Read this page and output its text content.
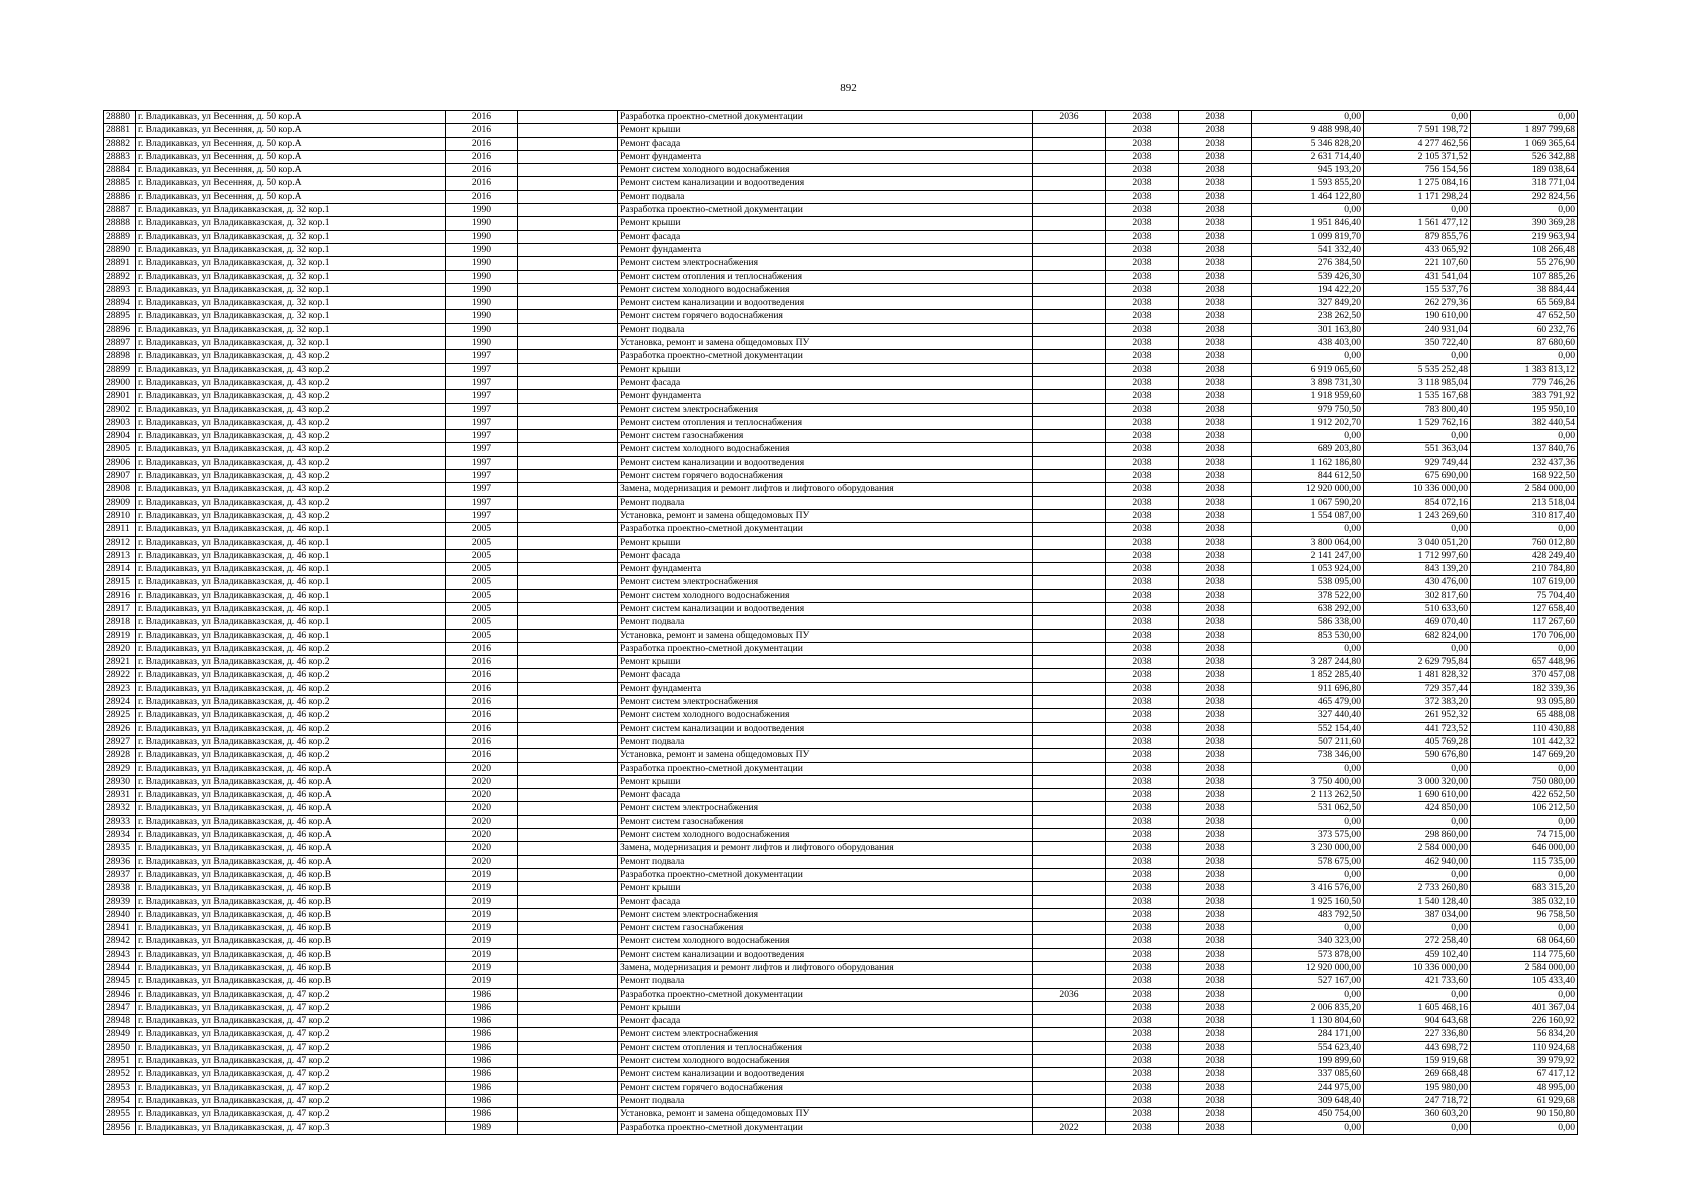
892
28880	г. Владикавказ, ул Весенняя, д. 50 кор.А	2016		Разработка проектно-сметной документации	2036	2038	2038	0,00	0,00	0,00
28881	г. Владикавказ, ул Весенняя, д. 50 кор.А	2016		Ремонт крыши		2038	2038	9 488 998,40	7 591 198,72	1 897 799,68
28882	г. Владикавказ, ул Весенняя, д. 50 кор.А	2016		Ремонт фасада		2038	2038	5 346 828,20	4 277 462,56	1 069 365,64
28883	г. Владикавказ, ул Весенняя, д. 50 кор.А	2016		Ремонт фундамента		2038	2038	2 631 714,40	2 105 371,52	526 342,88
28884	г. Владикавказ, ул Весенняя, д. 50 кор.А	2016		Ремонт систем холодного водоснабжения		2038	2038	945 193,20	756 154,56	189 038,64
28885	г. Владикавказ, ул Весенняя, д. 50 кор.А	2016		Ремонт систем канализации и водоотведения		2038	2038	1 593 855,20	1 275 084,16	318 771,04
28886	г. Владикавказ, ул Весенняя, д. 50 кор.А	2016		Ремонт подвала		2038	2038	1 464 122,80	1 171 298,24	292 824,56
28887	г. Владикавказ, ул Владикавказская, д. 32 кор.1	1990		Разработка проектно-сметной документации		2038	2038	0,00	0,00	0,00
28888	г. Владикавказ, ул Владикавказская, д. 32 кор.1	1990		Ремонт крыши		2038	2038	1 951 846,40	1 561 477,12	390 369,28
28889	г. Владикавказ, ул Владикавказская, д. 32 кор.1	1990		Ремонт фасада		2038	2038	1 099 819,70	879 855,76	219 963,94
28890	г. Владикавказ, ул Владикавказская, д. 32 кор.1	1990		Ремонт фундамента		2038	2038	541 332,40	433 065,92	108 266,48
28891	г. Владикавказ, ул Владикавказская, д. 32 кор.1	1990		Ремонт систем электроснабжения		2038	2038	276 384,50	221 107,60	55 276,90
28892	г. Владикавказ, ул Владикавказская, д. 32 кор.1	1990		Ремонт систем отопления и теплоснабжения		2038	2038	539 426,30	431 541,04	107 885,26
28893	г. Владикавказ, ул Владикавказская, д. 32 кор.1	1990		Ремонт систем холодного водоснабжения		2038	2038	194 422,20	155 537,76	38 884,44
28894	г. Владикавказ, ул Владикавказская, д. 32 кор.1	1990		Ремонт систем канализации и водоотведения		2038	2038	327 849,20	262 279,36	65 569,84
28895	г. Владикавказ, ул Владикавказская, д. 32 кор.1	1990		Ремонт систем горячего водоснабжения		2038	2038	238 262,50	190 610,00	47 652,50
28896	г. Владикавказ, ул Владикавказская, д. 32 кор.1	1990		Ремонт подвала		2038	2038	301 163,80	240 931,04	60 232,76
28897	г. Владикавказ, ул Владикавказская, д. 32 кор.1	1990		Установка, ремонт и замена общедомовых ПУ		2038	2038	438 403,00	350 722,40	87 680,60
28898	г. Владикавказ, ул Владикавказская, д. 43 кор.2	1997		Разработка проектно-сметной документации		2038	2038	0,00	0,00	0,00
28899	г. Владикавказ, ул Владикавказская, д. 43 кор.2	1997		Ремонт крыши		2038	2038	6 919 065,60	5 535 252,48	1 383 813,12
28900	г. Владикавказ, ул Владикавказская, д. 43 кор.2	1997		Ремонт фасада		2038	2038	3 898 731,30	3 118 985,04	779 746,26
28901	г. Владикавказ, ул Владикавказская, д. 43 кор.2	1997		Ремонт фундамента		2038	2038	1 918 959,60	1 535 167,68	383 791,92
28902	г. Владикавказ, ул Владикавказская, д. 43 кор.2	1997		Ремонт систем электроснабжения		2038	2038	979 750,50	783 800,40	195 950,10
28903	г. Владикавказ, ул Владикавказская, д. 43 кор.2	1997		Ремонт систем отопления и теплоснабжения		2038	2038	1 912 202,70	1 529 762,16	382 440,54
28904	г. Владикавказ, ул Владикавказская, д. 43 кор.2	1997		Ремонт систем газоснабжения		2038	2038	0,00	0,00	0,00
28905	г. Владикавказ, ул Владикавказская, д. 43 кор.2	1997		Ремонт систем холодного водоснабжения		2038	2038	689 203,80	551 363,04	137 840,76
28906	г. Владикавказ, ул Владикавказская, д. 43 кор.2	1997		Ремонт систем канализации и водоотведения		2038	2038	1 162 186,80	929 749,44	232 437,36
28907	г. Владикавказ, ул Владикавказская, д. 43 кор.2	1997		Ремонт систем горячего водоснабжения		2038	2038	844 612,50	675 690,00	168 922,50
28908	г. Владикавказ, ул Владикавказская, д. 43 кор.2	1997		Замена, модернизация и ремонт лифтов и лифтового оборудования		2038	2038	12 920 000,00	10 336 000,00	2 584 000,00
28909	г. Владикавказ, ул Владикавказская, д. 43 кор.2	1997		Ремонт подвала		2038	2038	1 067 590,20	854 072,16	213 518,04
28910	г. Владикавказ, ул Владикавказская, д. 43 кор.2	1997		Установка, ремонт и замена общедомовых ПУ		2038	2038	1 554 087,00	1 243 269,60	310 817,40
28911	г. Владикавказ, ул Владикавказская, д. 46 кор.1	2005		Разработка проектно-сметной документации		2038	2038	0,00	0,00	0,00
28912	г. Владикавказ, ул Владикавказская, д. 46 кор.1	2005		Ремонт крыши		2038	2038	3 800 064,00	3 040 051,20	760 012,80
28913	г. Владикавказ, ул Владикавказская, д. 46 кор.1	2005		Ремонт фасада		2038	2038	2 141 247,00	1 712 997,60	428 249,40
28914	г. Владикавказ, ул Владикавказская, д. 46 кор.1	2005		Ремонт фундамента		2038	2038	1 053 924,00	843 139,20	210 784,80
28915	г. Владикавказ, ул Владикавказская, д. 46 кор.1	2005		Ремонт систем электроснабжения		2038	2038	538 095,00	430 476,00	107 619,00
28916	г. Владикавказ, ул Владикавказская, д. 46 кор.1	2005		Ремонт систем холодного водоснабжения		2038	2038	378 522,00	302 817,60	75 704,40
28917	г. Владикавказ, ул Владикавказская, д. 46 кор.1	2005		Ремонт систем канализации и водоотведения		2038	2038	638 292,00	510 633,60	127 658,40
28918	г. Владикавказ, ул Владикавказская, д. 46 кор.1	2005		Ремонт подвала		2038	2038	586 338,00	469 070,40	117 267,60
28919	г. Владикавказ, ул Владикавказская, д. 46 кор.1	2005		Установка, ремонт и замена общедомовых ПУ		2038	2038	853 530,00	682 824,00	170 706,00
28920	г. Владикавказ, ул Владикавказская, д. 46 кор.2	2016		Разработка проектно-сметной документации		2038	2038	0,00	0,00	0,00
28921	г. Владикавказ, ул Владикавказская, д. 46 кор.2	2016		Ремонт крыши		2038	2038	3 287 244,80	2 629 795,84	657 448,96
28922	г. Владикавказ, ул Владикавказская, д. 46 кор.2	2016		Ремонт фасада		2038	2038	1 852 285,40	1 481 828,32	370 457,08
28923	г. Владикавказ, ул Владикавказская, д. 46 кор.2	2016		Ремонт фундамента		2038	2038	911 696,80	729 357,44	182 339,36
28924	г. Владикавказ, ул Владикавказская, д. 46 кор.2	2016		Ремонт систем электроснабжения		2038	2038	465 479,00	372 383,20	93 095,80
28925	г. Владикавказ, ул Владикавказская, д. 46 кор.2	2016		Ремонт систем холодного водоснабжения		2038	2038	327 440,40	261 952,32	65 488,08
28926	г. Владикавказ, ул Владикавказская, д. 46 кор.2	2016		Ремонт систем канализации и водоотведения		2038	2038	552 154,40	441 723,52	110 430,88
28927	г. Владикавказ, ул Владикавказская, д. 46 кор.2	2016		Ремонт подвала		2038	2038	507 211,60	405 769,28	101 442,32
28928	г. Владикавказ, ул Владикавказская, д. 46 кор.2	2016		Установка, ремонт и замена общедомовых ПУ		2038	2038	738 346,00	590 676,80	147 669,20
28929	г. Владикавказ, ул Владикавказская, д. 46 кор.А	2020		Разработка проектно-сметной документации		2038	2038	0,00	0,00	0,00
28930	г. Владикавказ, ул Владикавказская, д. 46 кор.А	2020		Ремонт крыши		2038	2038	3 750 400,00	3 000 320,00	750 080,00
28931	г. Владикавказ, ул Владикавказская, д. 46 кор.А	2020		Ремонт фасада		2038	2038	2 113 262,50	1 690 610,00	422 652,50
28932	г. Владикавказ, ул Владикавказская, д. 46 кор.А	2020		Ремонт систем электроснабжения		2038	2038	531 062,50	424 850,00	106 212,50
28933	г. Владикавказ, ул Владикавказская, д. 46 кор.А	2020		Ремонт систем газоснабжения		2038	2038	0,00	0,00	0,00
28934	г. Владикавказ, ул Владикавказская, д. 46 кор.А	2020		Ремонт систем холодного водоснабжения		2038	2038	373 575,00	298 860,00	74 715,00
28935	г. Владикавказ, ул Владикавказская, д. 46 кор.А	2020		Замена, модернизация и ремонт лифтов и лифтового оборудования		2038	2038	3 230 000,00	2 584 000,00	646 000,00
28936	г. Владикавказ, ул Владикавказская, д. 46 кор.А	2020		Ремонт подвала		2038	2038	578 675,00	462 940,00	115 735,00
28937	г. Владикавказ, ул Владикавказская, д. 46 кор.В	2019		Разработка проектно-сметной документации		2038	2038	0,00	0,00	0,00
28938	г. Владикавказ, ул Владикавказская, д. 46 кор.В	2019		Ремонт крыши		2038	2038	3 416 576,00	2 733 260,80	683 315,20
28939	г. Владикавказ, ул Владикавказская, д. 46 кор.В	2019		Ремонт фасада		2038	2038	1 925 160,50	1 540 128,40	385 032,10
28940	г. Владикавказ, ул Владикавказская, д. 46 кор.В	2019		Ремонт систем электроснабжения		2038	2038	483 792,50	387 034,00	96 758,50
28941	г. Владикавказ, ул Владикавказская, д. 46 кор.В	2019		Ремонт систем газоснабжения		2038	2038	0,00	0,00	0,00
28942	г. Владикавказ, ул Владикавказская, д. 46 кор.В	2019		Ремонт систем холодного водоснабжения		2038	2038	340 323,00	272 258,40	68 064,60
28943	г. Владикавказ, ул Владикавказская, д. 46 кор.В	2019		Ремонт систем канализации и водоотведения		2038	2038	573 878,00	459 102,40	114 775,60
28944	г. Владикавказ, ул Владикавказская, д. 46 кор.В	2019		Замена, модернизация и ремонт лифтов и лифтового оборудования		2038	2038	12 920 000,00	10 336 000,00	2 584 000,00
28945	г. Владикавказ, ул Владикавказская, д. 46 кор.В	2019		Ремонт подвала		2038	2038	527 167,00	421 733,60	105 433,40
28946	г. Владикавказ, ул Владикавказская, д. 47 кор.2	1986		Разработка проектно-сметной документации	2036	2038	2038	0,00	0,00	0,00
28947	г. Владикавказ, ул Владикавказская, д. 47 кор.2	1986		Ремонт крыши		2038	2038	2 006 835,20	1 605 468,16	401 367,04
28948	г. Владикавказ, ул Владикавказская, д. 47 кор.2	1986		Ремонт фасада		2038	2038	1 130 804,60	904 643,68	226 160,92
28949	г. Владикавказ, ул Владикавказская, д. 47 кор.2	1986		Ремонт систем электроснабжения		2038	2038	284 171,00	227 336,80	56 834,20
28950	г. Владикавказ, ул Владикавказская, д. 47 кор.2	1986		Ремонт систем отопления и теплоснабжения		2038	2038	554 623,40	443 698,72	110 924,68
28951	г. Владикавказ, ул Владикавказская, д. 47 кор.2	1986		Ремонт систем холодного водоснабжения		2038	2038	199 899,60	159 919,68	39 979,92
28952	г. Владикавказ, ул Владикавказская, д. 47 кор.2	1986		Ремонт систем канализации и водоотведения		2038	2038	337 085,60	269 668,48	67 417,12
28953	г. Владикавказ, ул Владикавказская, д. 47 кор.2	1986		Ремонт систем горячего водоснабжения		2038	2038	244 975,00	195 980,00	48 995,00
28954	г. Владикавказ, ул Владикавказская, д. 47 кор.2	1986		Ремонт подвала		2038	2038	309 648,40	247 718,72	61 929,68
28955	г. Владикавказ, ул Владикавказская, д. 47 кор.2	1986		Установка, ремонт и замена общедомовых ПУ		2038	2038	450 754,00	360 603,20	90 150,80
28956	г. Владикавказ, ул Владикавказская, д. 47 кор.3	1989		Разработка проектно-сметной документации	2022	2038	2038	0,00	0,00	0,00
